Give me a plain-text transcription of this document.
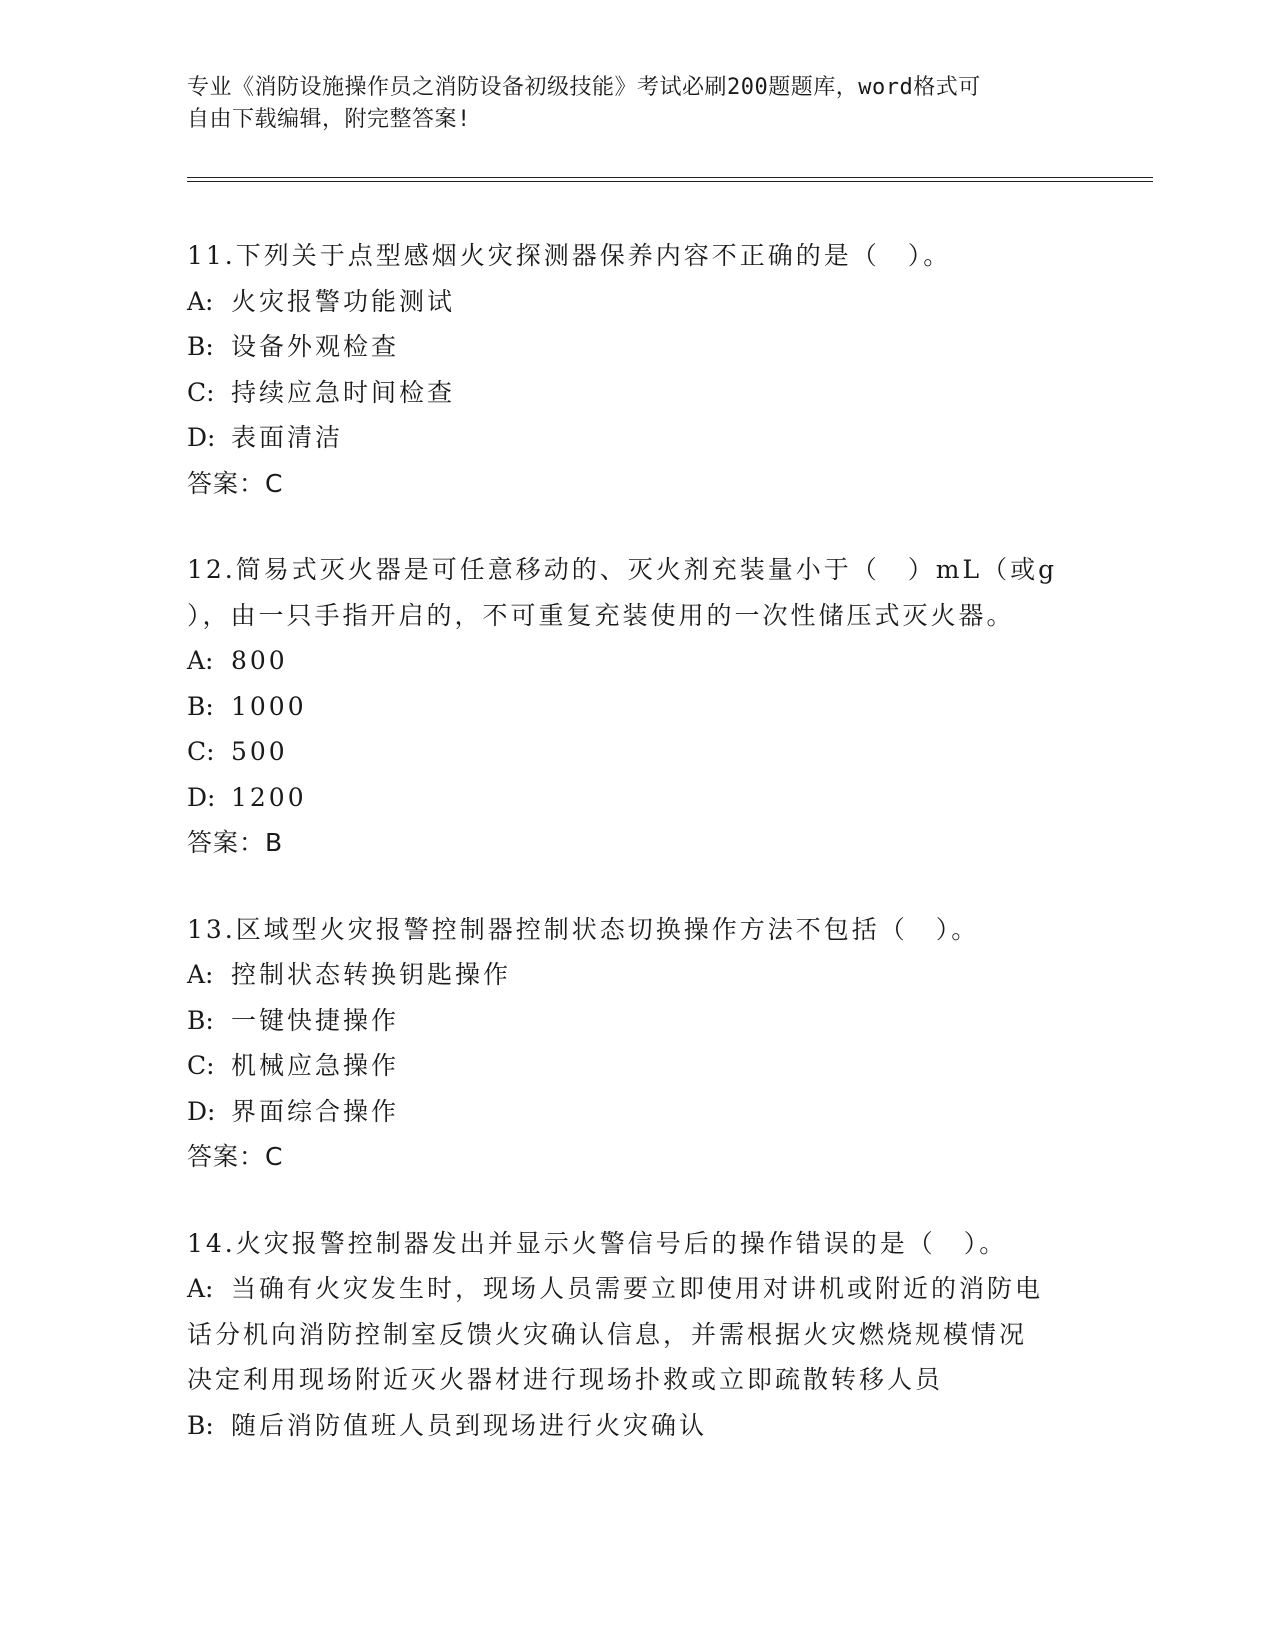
专业《消防设施操作员之消防设备初级技能》考试必刷200题题库，word格式可
自由下载编辑，附完整答案!
11.下列关于点型感烟火灾探测器保养内容不正确的是（　）。
A: 火灾报警功能测试
B: 设备外观检查
C: 持续应急时间检查
D: 表面清洁
答案：C
12.简易式灭火器是可任意移动的、灭火剂充装量小于（　）mL（或g
），由一只手指开启的，不可重复充装使用的一次性储压式灭火器。
A: 800
B: 1000
C: 500
D: 1200
答案：B
13.区域型火灾报警控制器控制状态切换操作方法不包括（　）。
A: 控制状态转换钥匙操作
B: 一键快捷操作
C: 机械应急操作
D: 界面综合操作
答案：C
14.火灾报警控制器发出并显示火警信号后的操作错误的是（　）。
A: 当确有火灾发生时，现场人员需要立即使用对讲机或附近的消防电
话分机向消防控制室反馈火灾确认信息，并需根据火灾燃烧规模情况
决定利用现场附近灭火器材进行现场扑救或立即疏散转移人员
B: 随后消防值班人员到现场进行火灾确认
